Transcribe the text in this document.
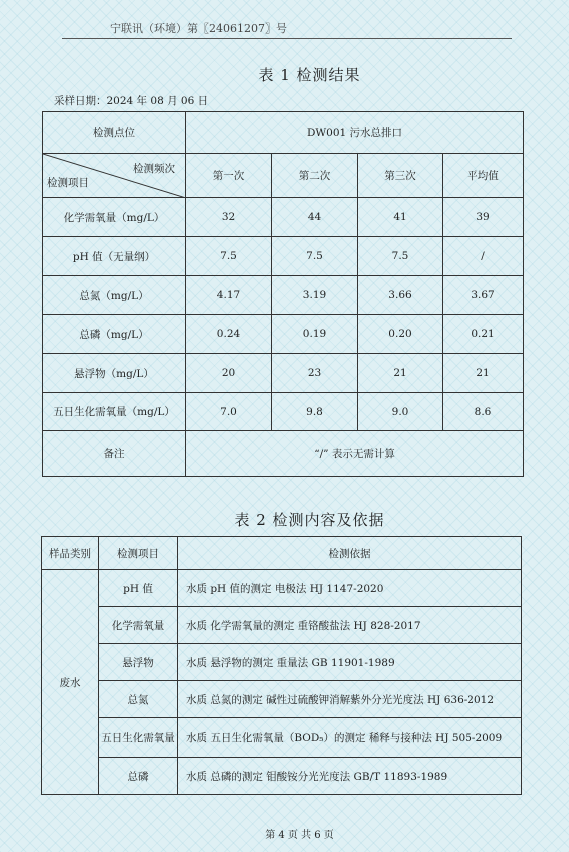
宁联讯（环境）第〖24061207〗号
表 1 检测结果
采样日期：2024 年 08 月 06 日
检测点位	DW001 污水总排口			

检测频次
检测项目	第一次	第二次	第三次	平均值
化学需氧量（mg/L）	32	44	41	39
pH 值（无量纲）	7.5	7.5	7.5	/
总氮（mg/L）	4.17	3.19	3.66	3.67
总磷（mg/L）	0.24	0.19	0.20	0.21
悬浮物（mg/L）	20	23	21	21
五日生化需氧量（mg/L）	7.0	9.8	9.0	8.6
备注	“/” 表示无需计算			
表 2 检测内容及依据
样品类别	检测项目	检测依据
废水	pH 值	水质 pH 值的测定 电极法 HJ 1147-2020
	化学需氧量	水质 化学需氧量的测定 重铬酸盐法 HJ 828-2017
	悬浮物	水质 悬浮物的测定 重量法 GB 11901-1989
	总氮	水质 总氮的测定 碱性过硫酸钾消解紫外分光光度法 HJ 636-2012
	五日生化需氧量	水质 五日生化需氧量（BOD₅）的测定 稀释与接种法 HJ 505-2009
	总磷	水质 总磷的测定 钼酸铵分光光度法 GB/T 11893-1989
第 4 页 共 6 页
